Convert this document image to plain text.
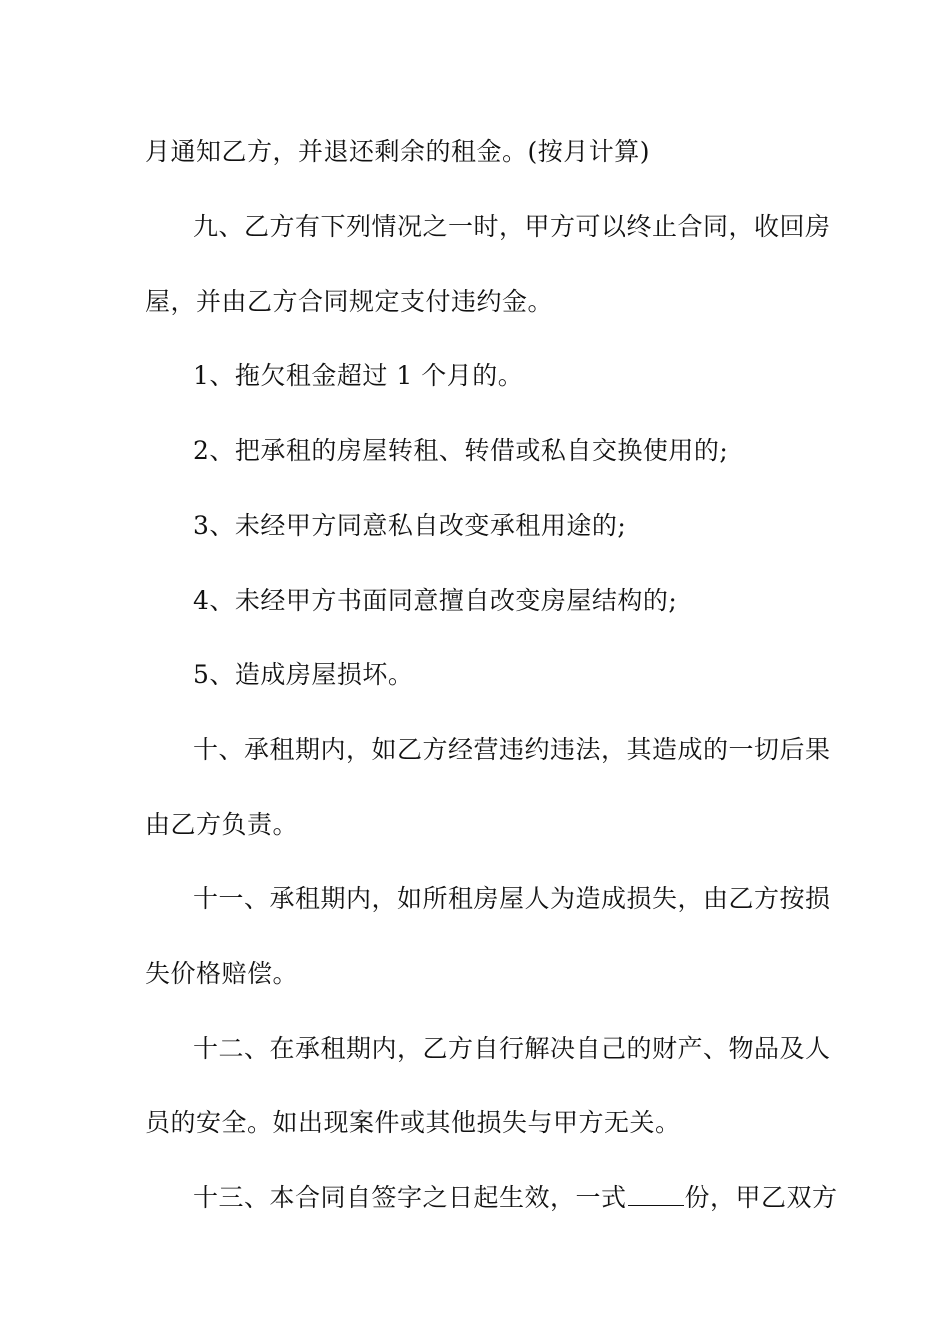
月通知乙方，并退还剩余的租金。(按月计算)
九、乙方有下列情况之一时，甲方可以终止合同，收回房
屋，并由乙方合同规定支付违约金。
1、拖欠租金超过 1 个月的。
2、把承租的房屋转租、转借或私自交换使用的;
3、未经甲方同意私自改变承租用途的;
4、未经甲方书面同意擅自改变房屋结构的;
5、造成房屋损坏。
十、承租期内，如乙方经营违约违法，其造成的一切后果
由乙方负责。
十一、承租期内，如所租房屋人为造成损失，由乙方按损
失价格赔偿。
十二、在承租期内，乙方自行解决自己的财产、物品及人
员的安全。如出现案件或其他损失与甲方无关。
十三、本合同自签字之日起生效，一式 份，甲乙双方
